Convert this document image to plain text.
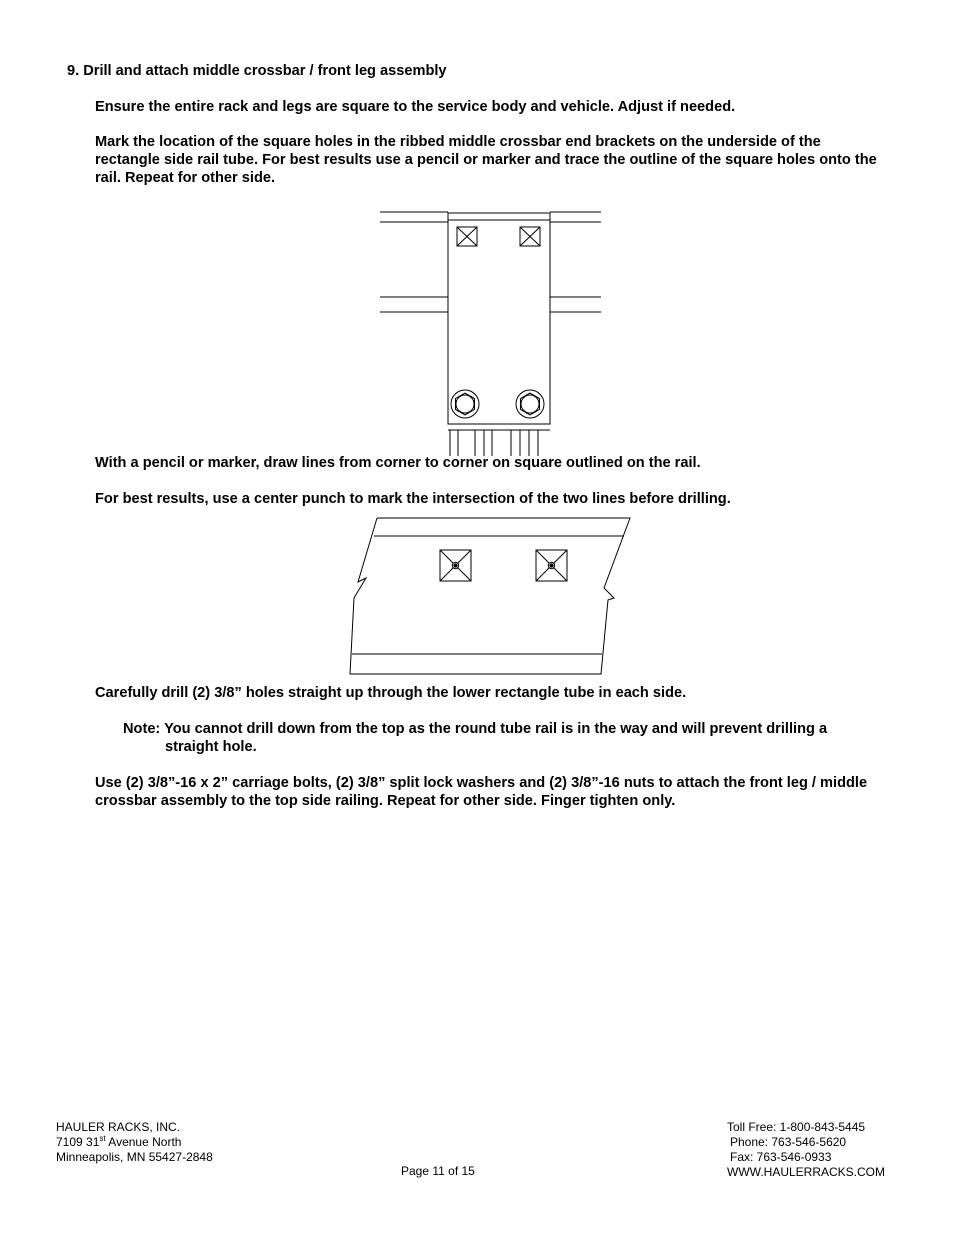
9. Drill and attach middle crossbar / front leg assembly
Ensure the entire rack and legs are square to the service body and vehicle. Adjust if needed.
Mark the location of the square holes in the ribbed middle crossbar end brackets on the underside of the rectangle side rail tube. For best results use a pencil or marker and trace the outline of the square holes onto the rail. Repeat for other side.
With a pencil or marker, draw lines from corner to corner on square outlined on the rail.
For best results, use a center punch to mark the intersection of the two lines before drilling.
Carefully drill (2) 3/8” holes straight up through the lower rectangle tube in each side.
Note: You cannot drill down from the top as the round tube rail is in the way and will prevent drilling a
straight hole.
Use (2) 3/8”-16 x 2” carriage bolts, (2) 3/8” split lock washers and (2) 3/8”-16 nuts to attach the front leg / middle crossbar assembly to the top side railing. Repeat for other side. Finger tighten only.
HAULER RACKS, INC.
7109 31st Avenue North
Minneapolis, MN 55427-2848
Page 11 of 15
Toll Free: 1-800-843-5445
Phone: 763-546-5620
Fax: 763-546-0933
WWW.HAULERRACKS.COM
